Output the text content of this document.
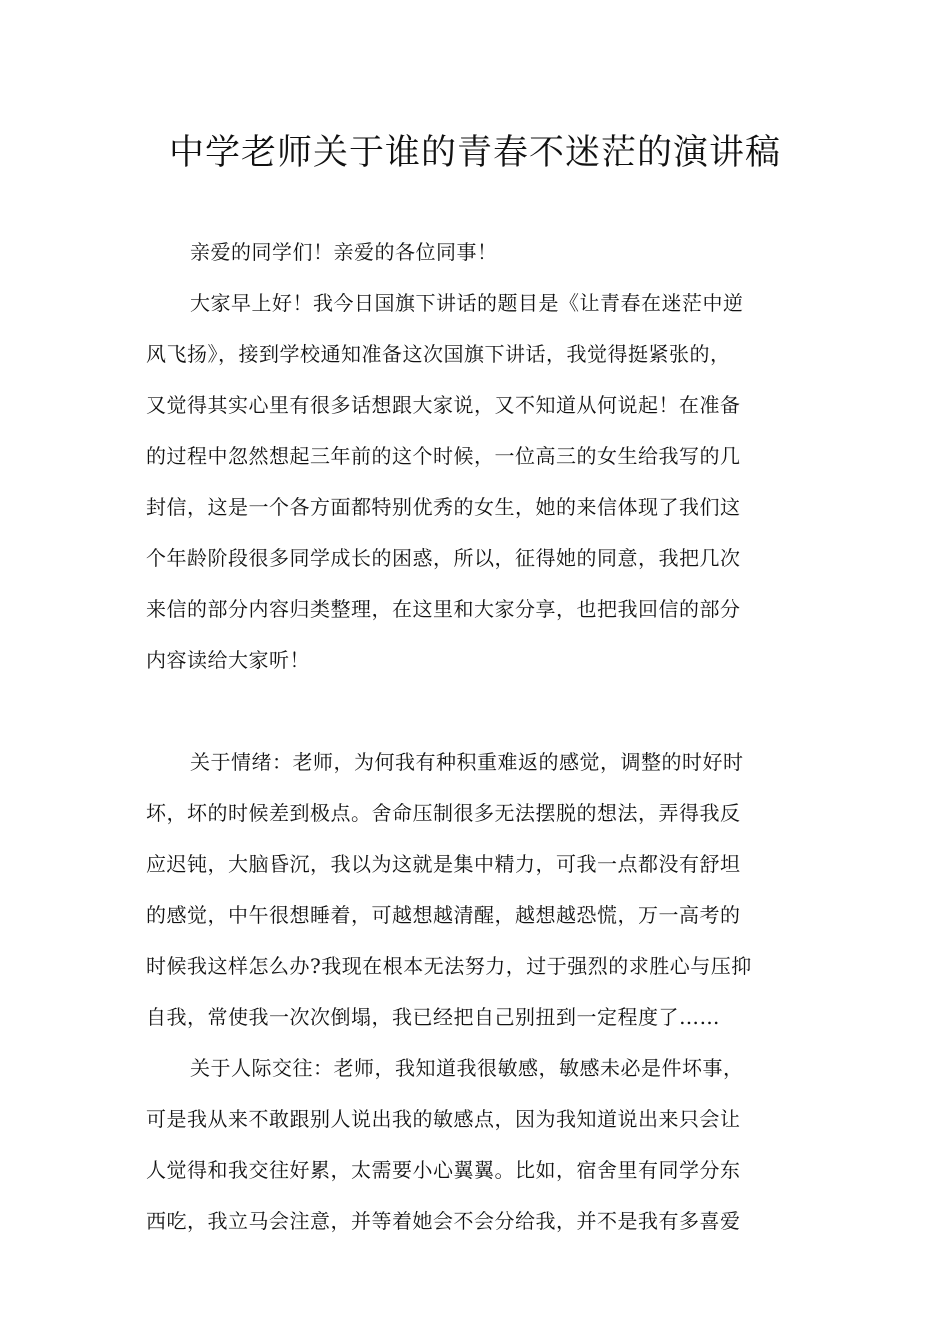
中学老师关于谁的青春不迷茫的演讲稿
亲爱的同学们！亲爱的各位同事！
大家早上好！我今日国旗下讲话的题目是《让青春在迷茫中逆
风飞扬》，接到学校通知准备这次国旗下讲话，我觉得挺紧张的，
又觉得其实心里有很多话想跟大家说，又不知道从何说起！在准备
的过程中忽然想起三年前的这个时候，一位高三的女生给我写的几
封信，这是一个各方面都特别优秀的女生，她的来信体现了我们这
个年龄阶段很多同学成长的困惑，所以，征得她的同意，我把几次
来信的部分内容归类整理，在这里和大家分享，也把我回信的部分
内容读给大家听！
关于情绪：老师，为何我有种积重难返的感觉，调整的时好时
坏，坏的时候差到极点。舍命压制很多无法摆脱的想法，弄得我反
应迟钝，大脑昏沉，我以为这就是集中精力，可我一点都没有舒坦
的感觉，中午很想睡着，可越想越清醒，越想越恐慌，万一高考的
时候我这样怎么办?我现在根本无法努力，过于强烈的求胜心与压抑
自我，常使我一次次倒塌，我已经把自己别扭到一定程度了……
关于人际交往：老师，我知道我很敏感，敏感未必是件坏事，
可是我从来不敢跟别人说出我的敏感点，因为我知道说出来只会让
人觉得和我交往好累，太需要小心翼翼。比如，宿舍里有同学分东
西吃，我立马会注意，并等着她会不会分给我，并不是我有多喜爱
